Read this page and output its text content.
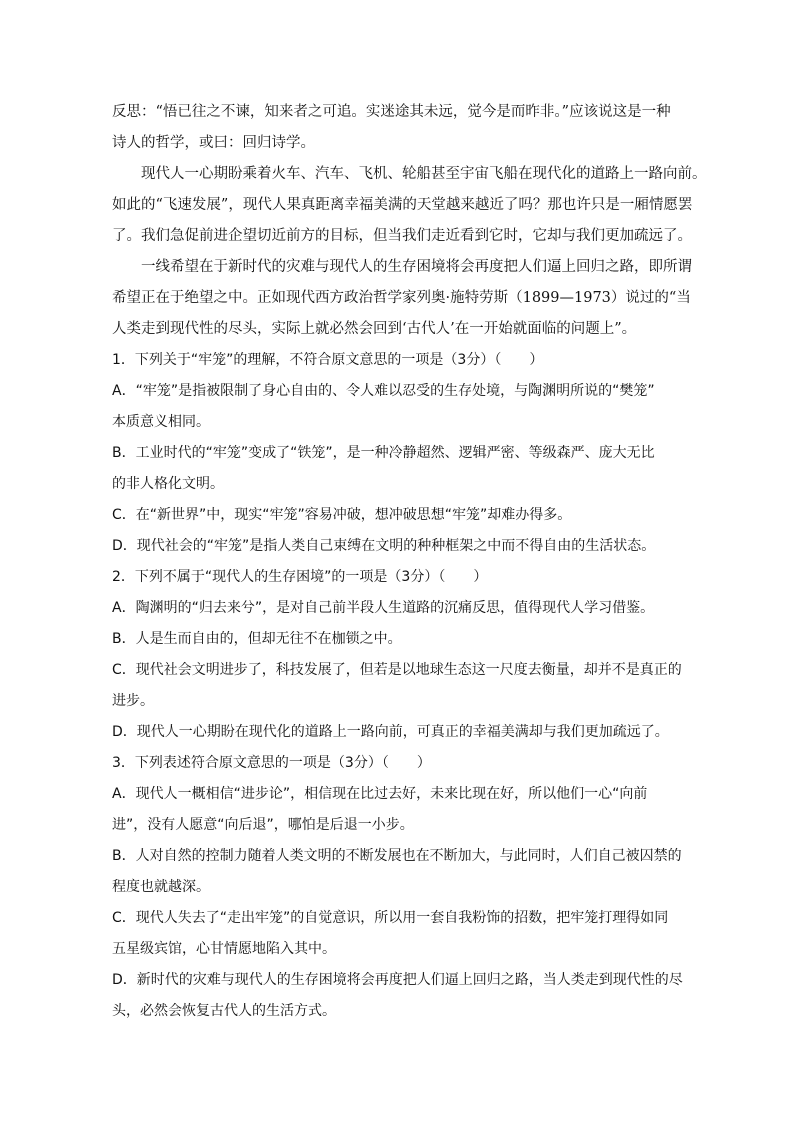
反思：“悟已往之不谏，知来者之可追。实迷途其未远，觉今是而昨非。”应该说这是一种
诗人的哲学，或曰：回归诗学。
现代人一心期盼乘着火车、汽车、飞机、轮船甚至宇宙飞船在现代化的道路上一路向前。
如此的“飞速发展”，现代人果真距离幸福美满的天堂越来越近了吗？那也许只是一厢情愿罢
了。我们急促前进企望切近前方的目标，但当我们走近看到它时，它却与我们更加疏远了。
一线希望在于新时代的灾难与现代人的生存困境将会再度把人们逼上回归之路，即所谓
希望正在于绝望之中。正如现代西方政治哲学家列奥·施特劳斯（1899—1973）说过的“当
人类走到现代性的尽头，实际上就必然会回到‘古代人’在一开始就面临的问题上”。
1．下列关于“牢笼”的理解，不符合原文意思的一项是（3分）（　　）
A．“牢笼”是指被限制了身心自由的、令人难以忍受的生存处境，与陶渊明所说的“樊笼”
本质意义相同。
B．工业时代的“牢笼”变成了“铁笼”，是一种冷静超然、逻辑严密、等级森严、庞大无比
的非人格化文明。
C．在“新世界”中，现实“牢笼”容易冲破，想冲破思想“牢笼”却难办得多。
D．现代社会的“牢笼”是指人类自己束缚在文明的种种框架之中而不得自由的生活状态。
2．下列不属于“现代人的生存困境”的一项是（3分）（　　）
A．陶渊明的“归去来兮”，是对自己前半段人生道路的沉痛反思，值得现代人学习借鉴。
B．人是生而自由的，但却无往不在枷锁之中。
C．现代社会文明进步了，科技发展了，但若是以地球生态这一尺度去衡量，却并不是真正的
进步。
D．现代人一心期盼在现代化的道路上一路向前，可真正的幸福美满却与我们更加疏远了。
3．下列表述符合原文意思的一项是（3分）（　　）
A．现代人一概相信“进步论”，相信现在比过去好，未来比现在好，所以他们一心“向前
进”，没有人愿意“向后退”，哪怕是后退一小步。
B．人对自然的控制力随着人类文明的不断发展也在不断加大，与此同时，人们自己被囚禁的
程度也就越深。
C．现代人失去了“走出牢笼”的自觉意识，所以用一套自我粉饰的招数，把牢笼打理得如同
五星级宾馆，心甘情愿地陷入其中。
D．新时代的灾难与现代人的生存困境将会再度把人们逼上回归之路，当人类走到现代性的尽
头，必然会恢复古代人的生活方式。
